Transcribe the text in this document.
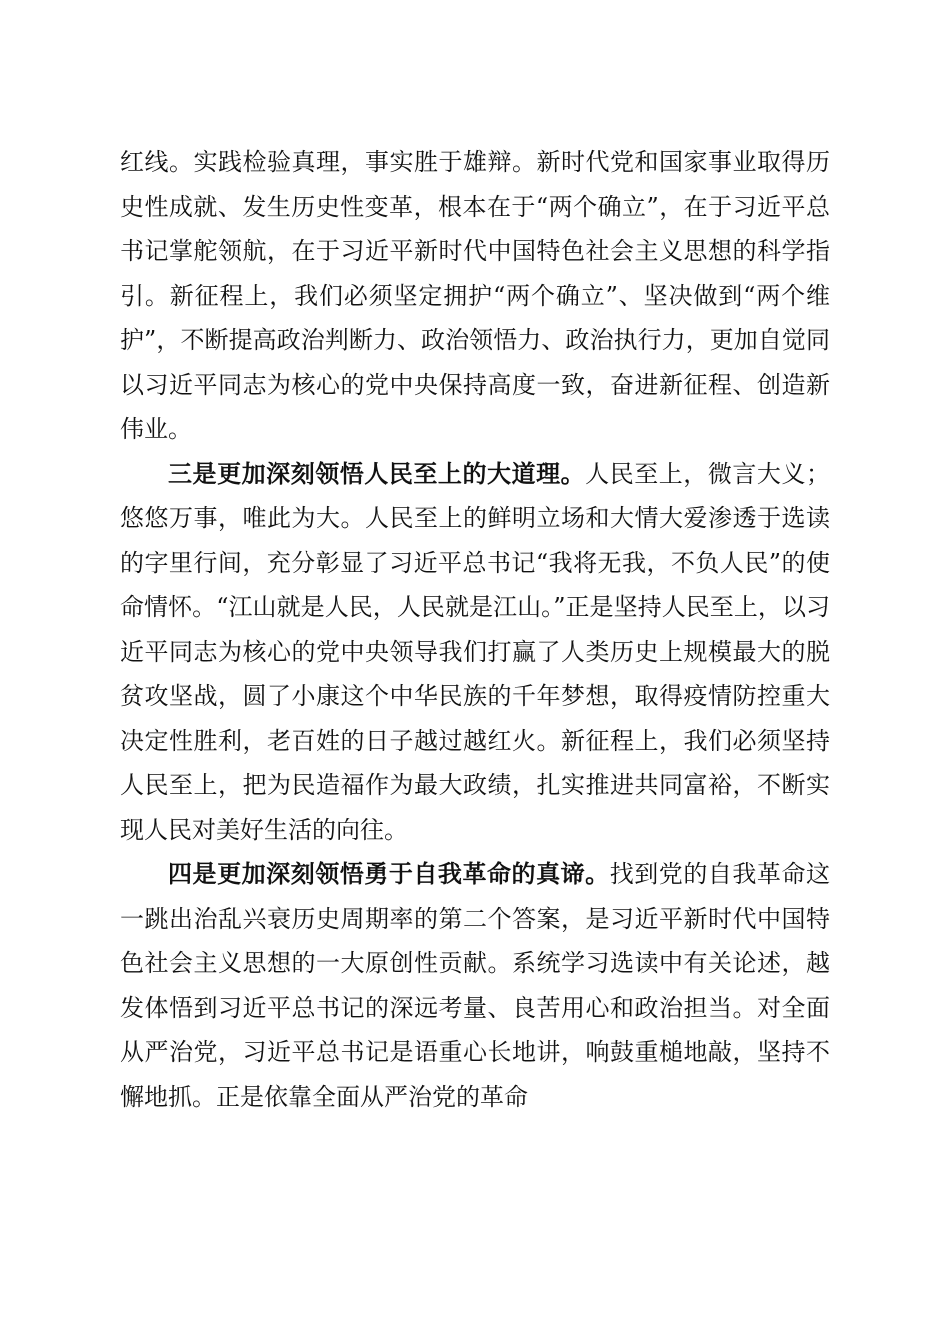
红线。实践检验真理，事实胜于雄辩。新时代党和国家事业取得历史性成就、发生历史性变革，根本在于“两个确立”，在于习近平总书记掌舵领航，在于习近平新时代中国特色社会主义思想的科学指引。新征程上，我们必须坚定拥护“两个确立”、坚决做到“两个维护”，不断提高政治判断力、政治领悟力、政治执行力，更加自觉同以习近平同志为核心的党中央保持高度一致，奋进新征程、创造新伟业。

三是更加深刻领悟人民至上的大道理。人民至上，微言大义；悠悠万事，唯此为大。人民至上的鲜明立场和大情大爱渗透于选读的字里行间，充分彰显了习近平总书记“我将无我，不负人民”的使命情怀。“江山就是人民，人民就是江山。”正是坚持人民至上，以习近平同志为核心的党中央领导我们打赢了人类历史上规模最大的脱贫攻坚战，圆了小康这个中华民族的千年梦想，取得疫情防控重大决定性胜利，老百姓的日子越过越红火。新征程上，我们必须坚持人民至上，把为民造福作为最大政绩，扎实推进共同富裕，不断实现人民对美好生活的向往。

四是更加深刻领悟勇于自我革命的真谛。找到党的自我革命这一跳出治乱兴衰历史周期率的第二个答案，是习近平新时代中国特色社会主义思想的一大原创性贡献。系统学习选读中有关论述，越发体悟到习近平总书记的深远考量、良苦用心和政治担当。对全面从严治党，习近平总书记是语重心长地讲，响鼓重槌地敲，坚持不懈地抓。正是依靠全面从严治党的革命
